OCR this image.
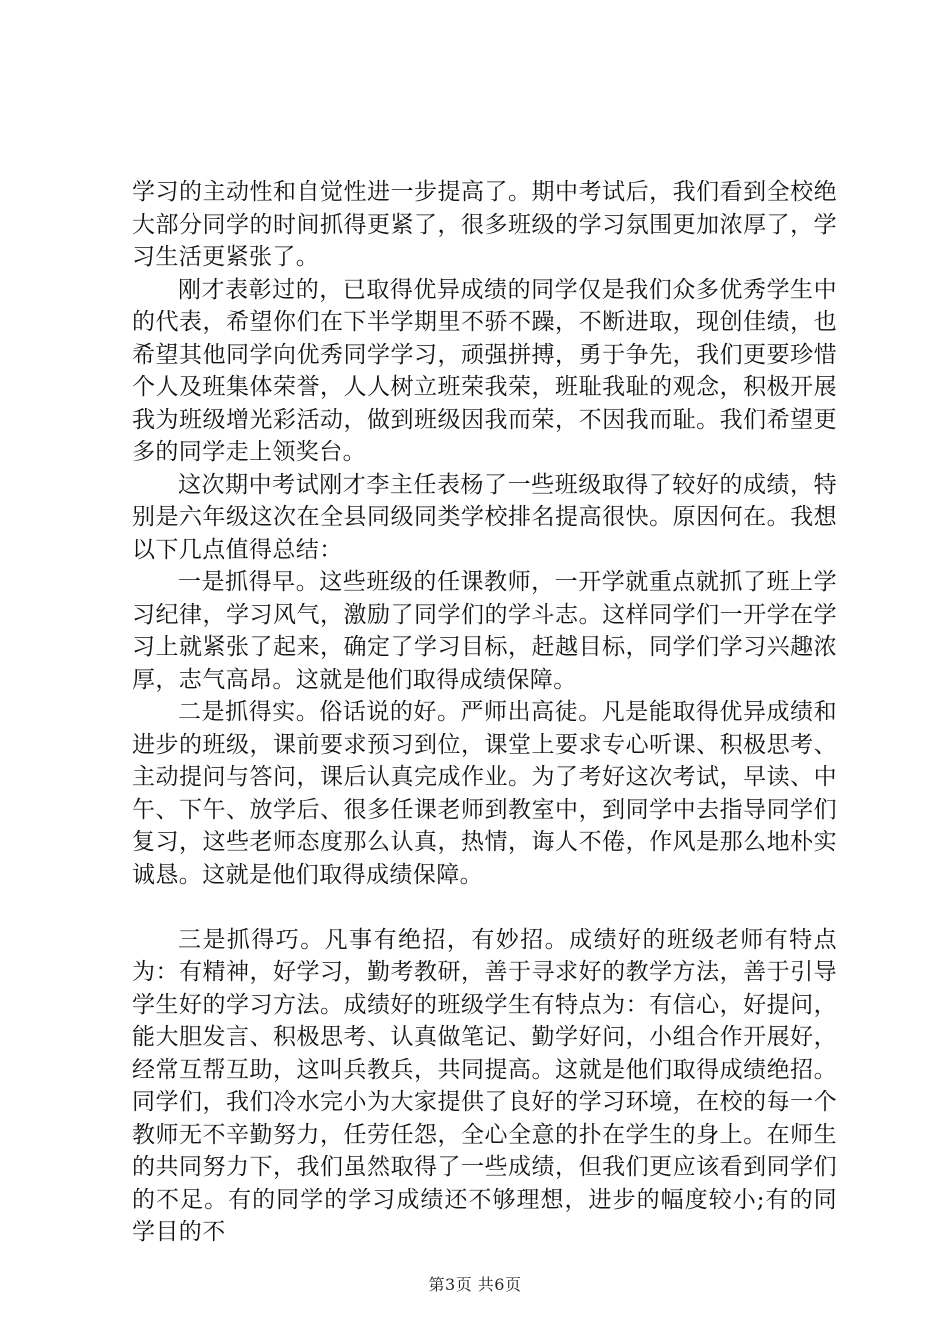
学习的主动性和自觉性进一步提高了。期中考试后，我们看到全校绝大部分同学的时间抓得更紧了，很多班级的学习氛围更加浓厚了，学习生活更紧张了。

刚才表彰过的，已取得优异成绩的同学仅是我们众多优秀学生中的代表，希望你们在下半学期里不骄不躁，不断进取，现创佳绩，也希望其他同学向优秀同学学习，顽强拼搏，勇于争先，我们更要珍惜个人及班集体荣誉，人人树立班荣我荣，班耻我耻的观念，积极开展我为班级增光彩活动，做到班级因我而荣，不因我而耻。我们希望更多的同学走上领奖台。

这次期中考试刚才李主任表杨了一些班级取得了较好的成绩，特别是六年级这次在全县同级同类学校排名提高很快。原因何在。我想以下几点值得总结：

一是抓得早。这些班级的任课教师，一开学就重点就抓了班上学习纪律，学习风气，激励了同学们的学斗志。这样同学们一开学在学习上就紧张了起来，确定了学习目标，赶越目标，同学们学习兴趣浓厚，志气高昂。这就是他们取得成绩保障。

二是抓得实。俗话说的好。严师出高徒。凡是能取得优异成绩和进步的班级，课前要求预习到位，课堂上要求专心听课、积极思考、主动提问与答问，课后认真完成作业。为了考好这次考试，早读、中午、下午、放学后、很多任课老师到教室中，到同学中去指导同学们复习，这些老师态度那么认真，热情，诲人不倦，作风是那么地朴实诚恳。这就是他们取得成绩保障。

三是抓得巧。凡事有绝招，有妙招。成绩好的班级老师有特点为：有精神，好学习，勤考教研，善于寻求好的教学方法，善于引导学生好的学习方法。成绩好的班级学生有特点为：有信心，好提问，能大胆发言、积极思考、认真做笔记、勤学好问，小组合作开展好，经常互帮互助，这叫兵教兵，共同提高。这就是他们取得成绩绝招。同学们，我们冷水完小为大家提供了良好的学习环境，在校的每一个教师无不辛勤努力，任劳任怨，全心全意的扑在学生的身上。在师生的共同努力下，我们虽然取得了一些成绩，但我们更应该看到同学们的不足。有的同学的学习成绩还不够理想，进步的幅度较小;有的同学目的不

第3页 共6页
